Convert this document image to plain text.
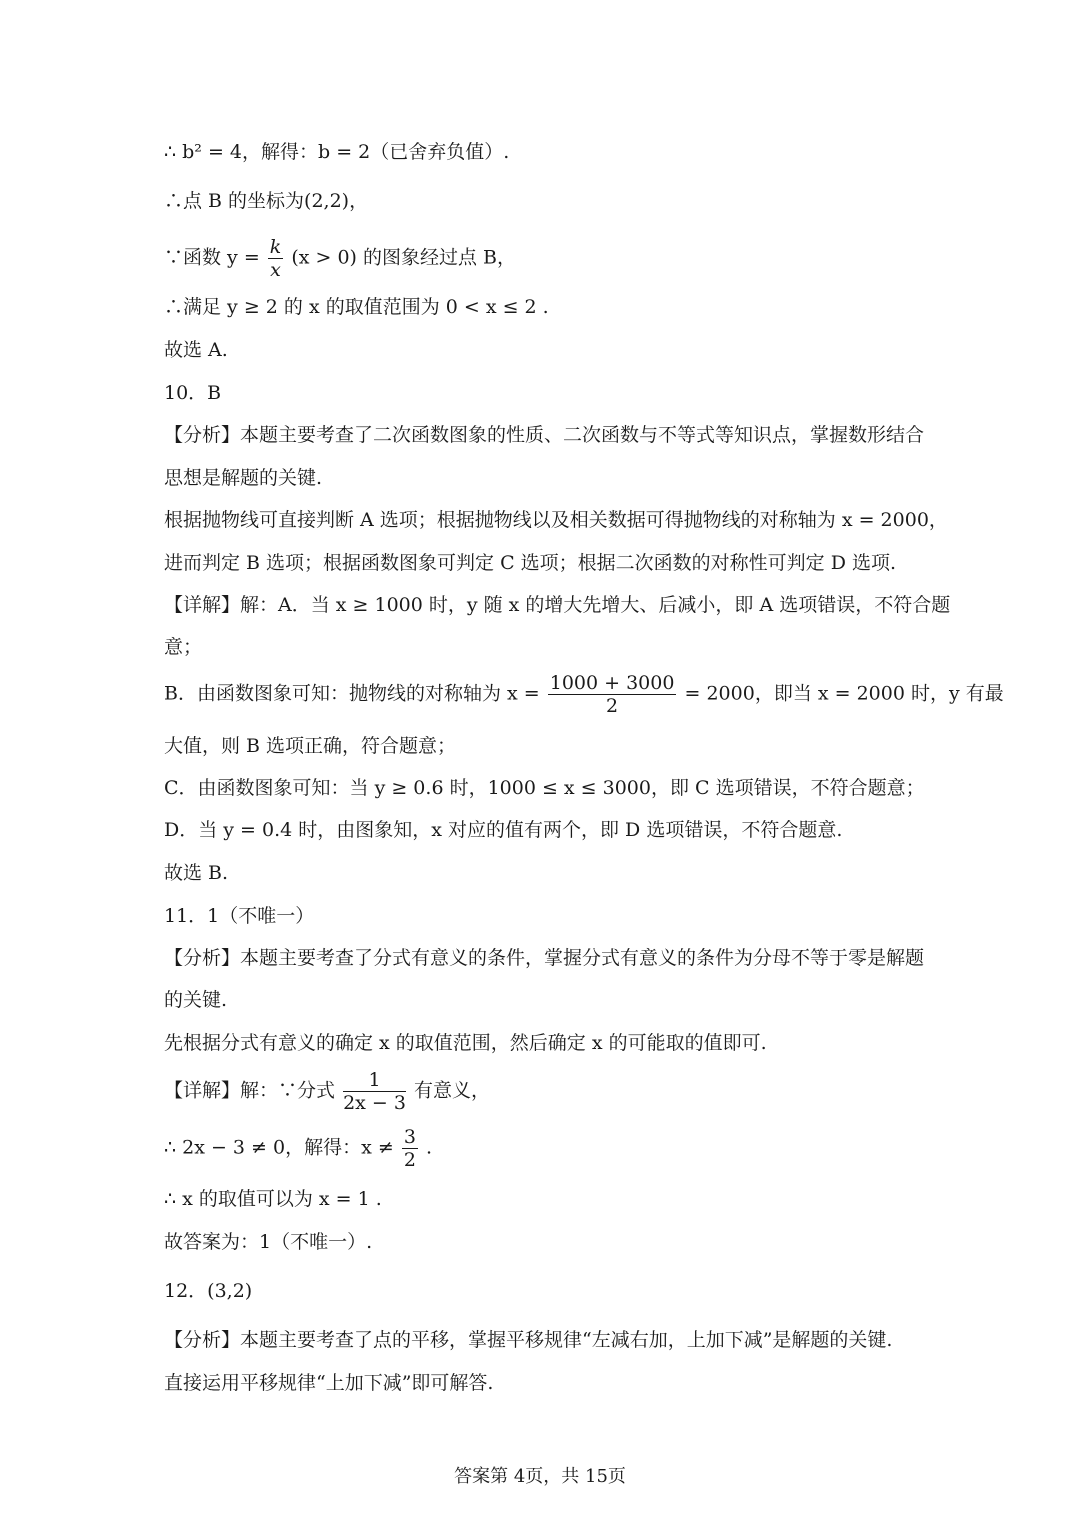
∴ b² = 4，解得：b = 2（已舍弃负值）.
∴点 B 的坐标为(2,2)，
∵函数 $y = \frac{k}{x} (x > 0)$ 的图象经过点 B，
∴满足 y ≥ 2 的 x 的取值范围为 0 < x ≤ 2 .
故选 A.
10．B
【分析】本题主要考查了二次函数图象的性质、二次函数与不等式等知识点，掌握数形结合
思想是解题的关键.
根据抛物线可直接判断 A 选项；根据抛物线以及相关数据可得抛物线的对称轴为 x = 2000，
进而判定 B 选项；根据函数图象可判定 C 选项；根据二次函数的对称性可判定 D 选项.
【详解】解：A．当 x ≥ 1000 时，y 随 x 的增大先增大、后减小，即 A 选项错误，不符合题
意；
B．由函数图象可知：抛物线的对称轴为 $x = \frac{1000 + 3000}{2} = 2000$，即当 x = 2000 时，y 有最
大值，则 B 选项正确，符合题意；
C．由函数图象可知：当 y ≥ 0.6 时，1000 ≤ x ≤ 3000，即 C 选项错误，不符合题意；
D．当 y = 0.4 时，由图象知，x 对应的值有两个，即 D 选项错误，不符合题意.
故选 B.
11．1（不唯一）
【分析】本题主要考查了分式有意义的条件，掌握分式有意义的条件为分母不等于零是解题
的关键.
先根据分式有意义的确定 x 的取值范围，然后确定 x 的可能取的值即可.
【详解】解：∵分式 $\frac{1}{2x - 3}$ 有意义，
∴ 2x − 3 ≠ 0，解得：$x \ne \frac{3}{2}$ .
∴ x 的取值可以为 x = 1 .
故答案为：1（不唯一）.
12．(3,2)
【分析】本题主要考查了点的平移，掌握平移规律“左减右加，上加下减”是解题的关键.
直接运用平移规律“上加下减”即可解答.
答案第 4页，共 15页
